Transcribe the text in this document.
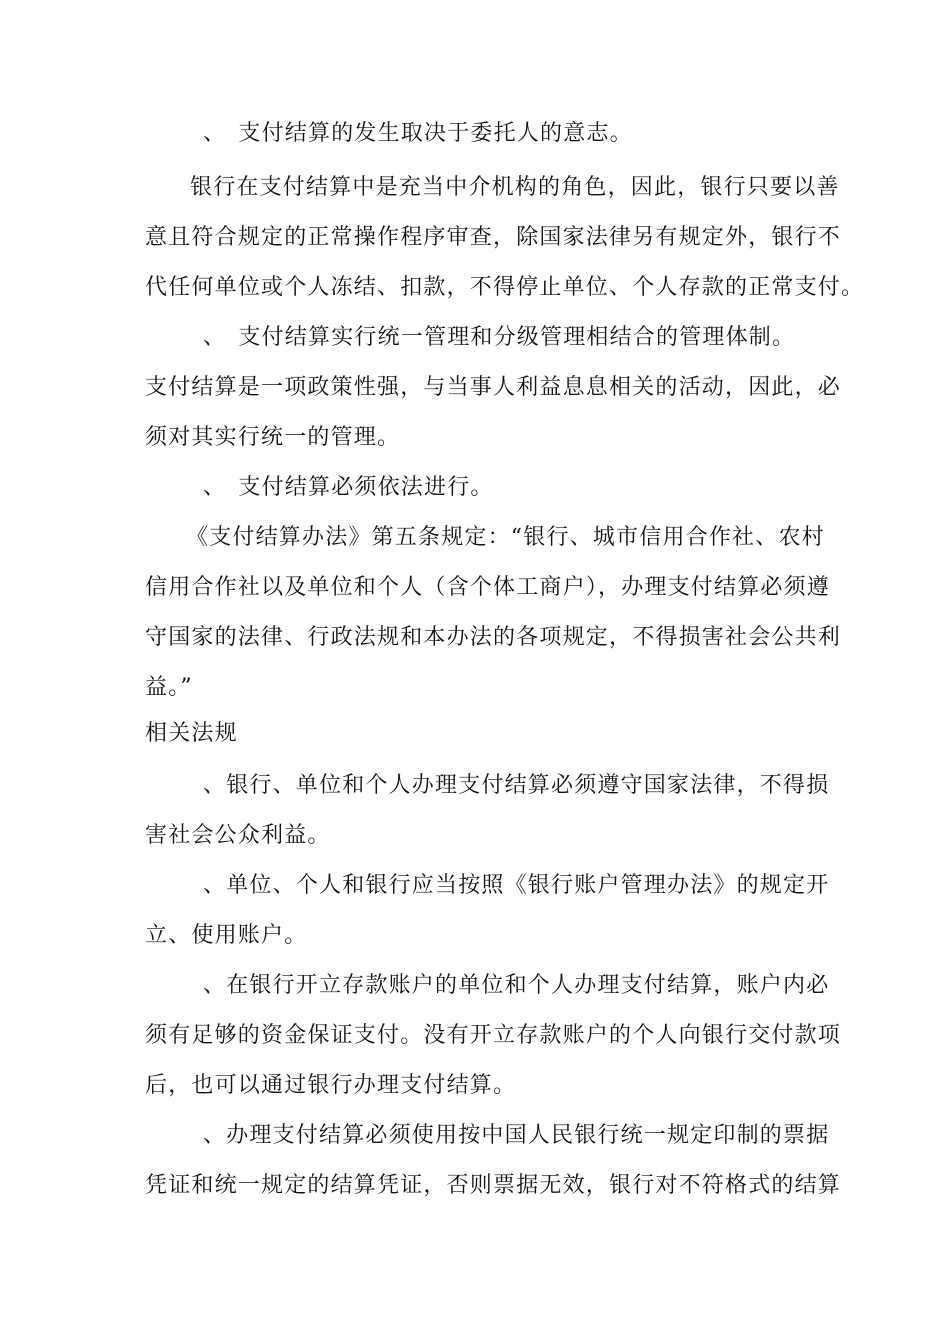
、　支付结算的发生取决于委托人的意志。
银行在支付结算中是充当中介机构的角色，因此，银行只要以善
意且符合规定的正常操作程序审查，除国家法律另有规定外，银行不
代任何单位或个人冻结、扣款，不得停止单位、个人存款的正常支付。
、　支付结算实行统一管理和分级管理相结合的管理体制。
支付结算是一项政策性强，与当事人利益息息相关的活动，因此，必
须对其实行统一的管理。
、　支付结算必须依法进行。
《支付结算办法》第五条规定：“银行、城市信用合作社、农村
信用合作社以及单位和个人（含个体工商户），办理支付结算必须遵
守国家的法律、行政法规和本办法的各项规定，不得损害社会公共利
益。”
相关法规
、银行、单位和个人办理支付结算必须遵守国家法律，不得损
害社会公众利益。
、单位、个人和银行应当按照《银行账户管理办法》的规定开
立、使用账户。
、在银行开立存款账户的单位和个人办理支付结算，账户内必
须有足够的资金保证支付。没有开立存款账户的个人向银行交付款项
后，也可以通过银行办理支付结算。
、办理支付结算必须使用按中国人民银行统一规定印制的票据
凭证和统一规定的结算凭证，否则票据无效，银行对不符格式的结算
